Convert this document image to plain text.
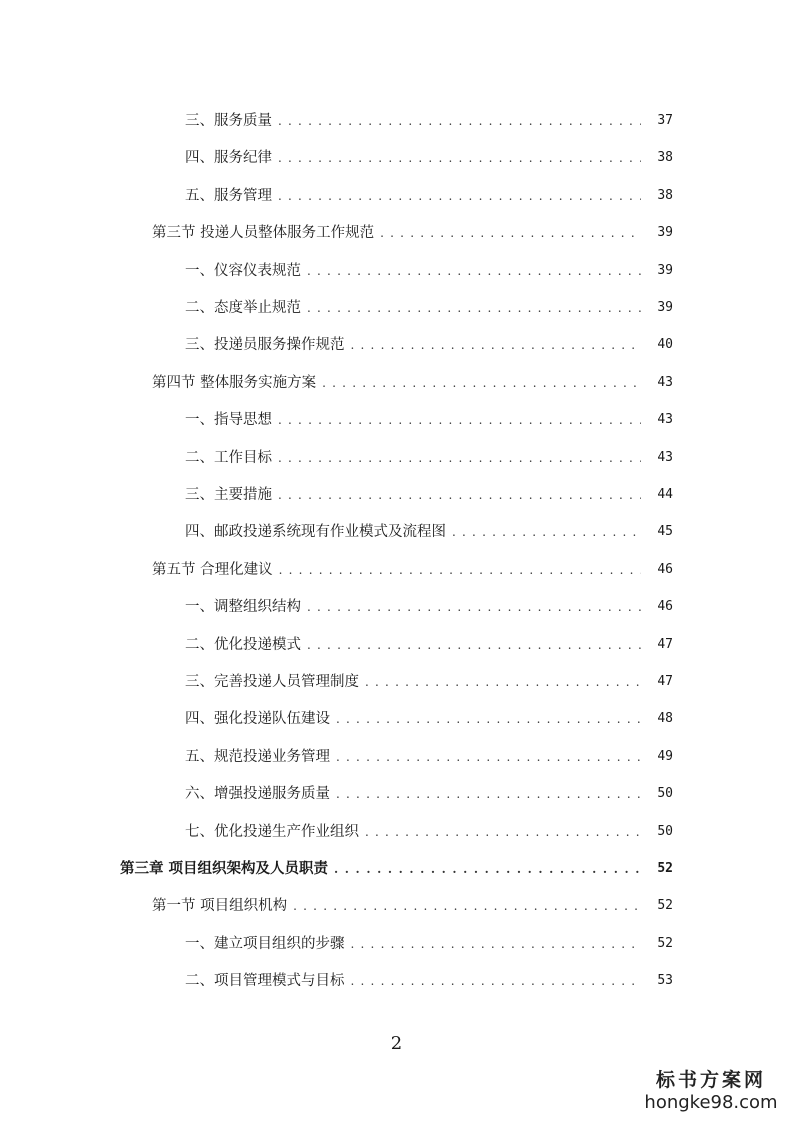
三、服务质量 . . .	37
四、服务纪律 . . .	38
五、服务管理 . . .	38
第三节 投递人员整体服务工作规范 . . .	39
一、仪容仪表规范 . . .	39
二、态度举止规范 . . .	39
三、投递员服务操作规范 . . .	40
第四节 整体服务实施方案 . . .	43
一、指导思想 . . .	43
二、工作目标 . . .	43
三、主要措施 . . .	44
四、邮政投递系统现有作业模式及流程图 . . .	45
第五节 合理化建议 . . .	46
一、调整组织结构 . . .	46
二、优化投递模式 . . .	47
三、完善投递人员管理制度 . . .	47
四、强化投递队伍建设 . . .	48
五、规范投递业务管理 . . .	49
六、增强投递服务质量 . . .	50
七、优化投递生产作业组织 . . .	50
第三章 项目组织架构及人员职责 . . .	52
第一节 项目组织机构 . . .	52
一、建立项目组织的步骤 . . .	52
二、项目管理模式与目标 . . .	53
2
标书方案网
hongke98.com
